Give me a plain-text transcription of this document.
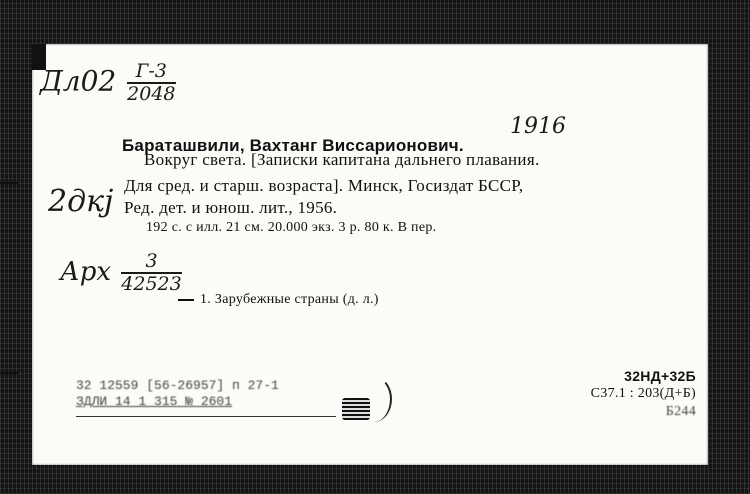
$Дл02 \frac{Г-3}{2048}$
Бараташвили, Вахтанг Виссарионович.
1916
Вокруг света. [Записки капитана дальнего плавания.
Для сред. и старш. возраста]. Минск, Госиздат БССР,
Ред. дет. и юнош. лит., 1956.
192 с. с илл. 21 см. 20.000 экз. 3 р. 80 к. В пер.
2дкj
Арх $\frac{3}{42523}$
1. Зарубежные страны (д. л.)
32 12559 [56-26957] п 27-1
ЗДЛИ 14 1 315 № 2601
32НД+32Б
C37.1 : 203(Д+Б)
Б244
